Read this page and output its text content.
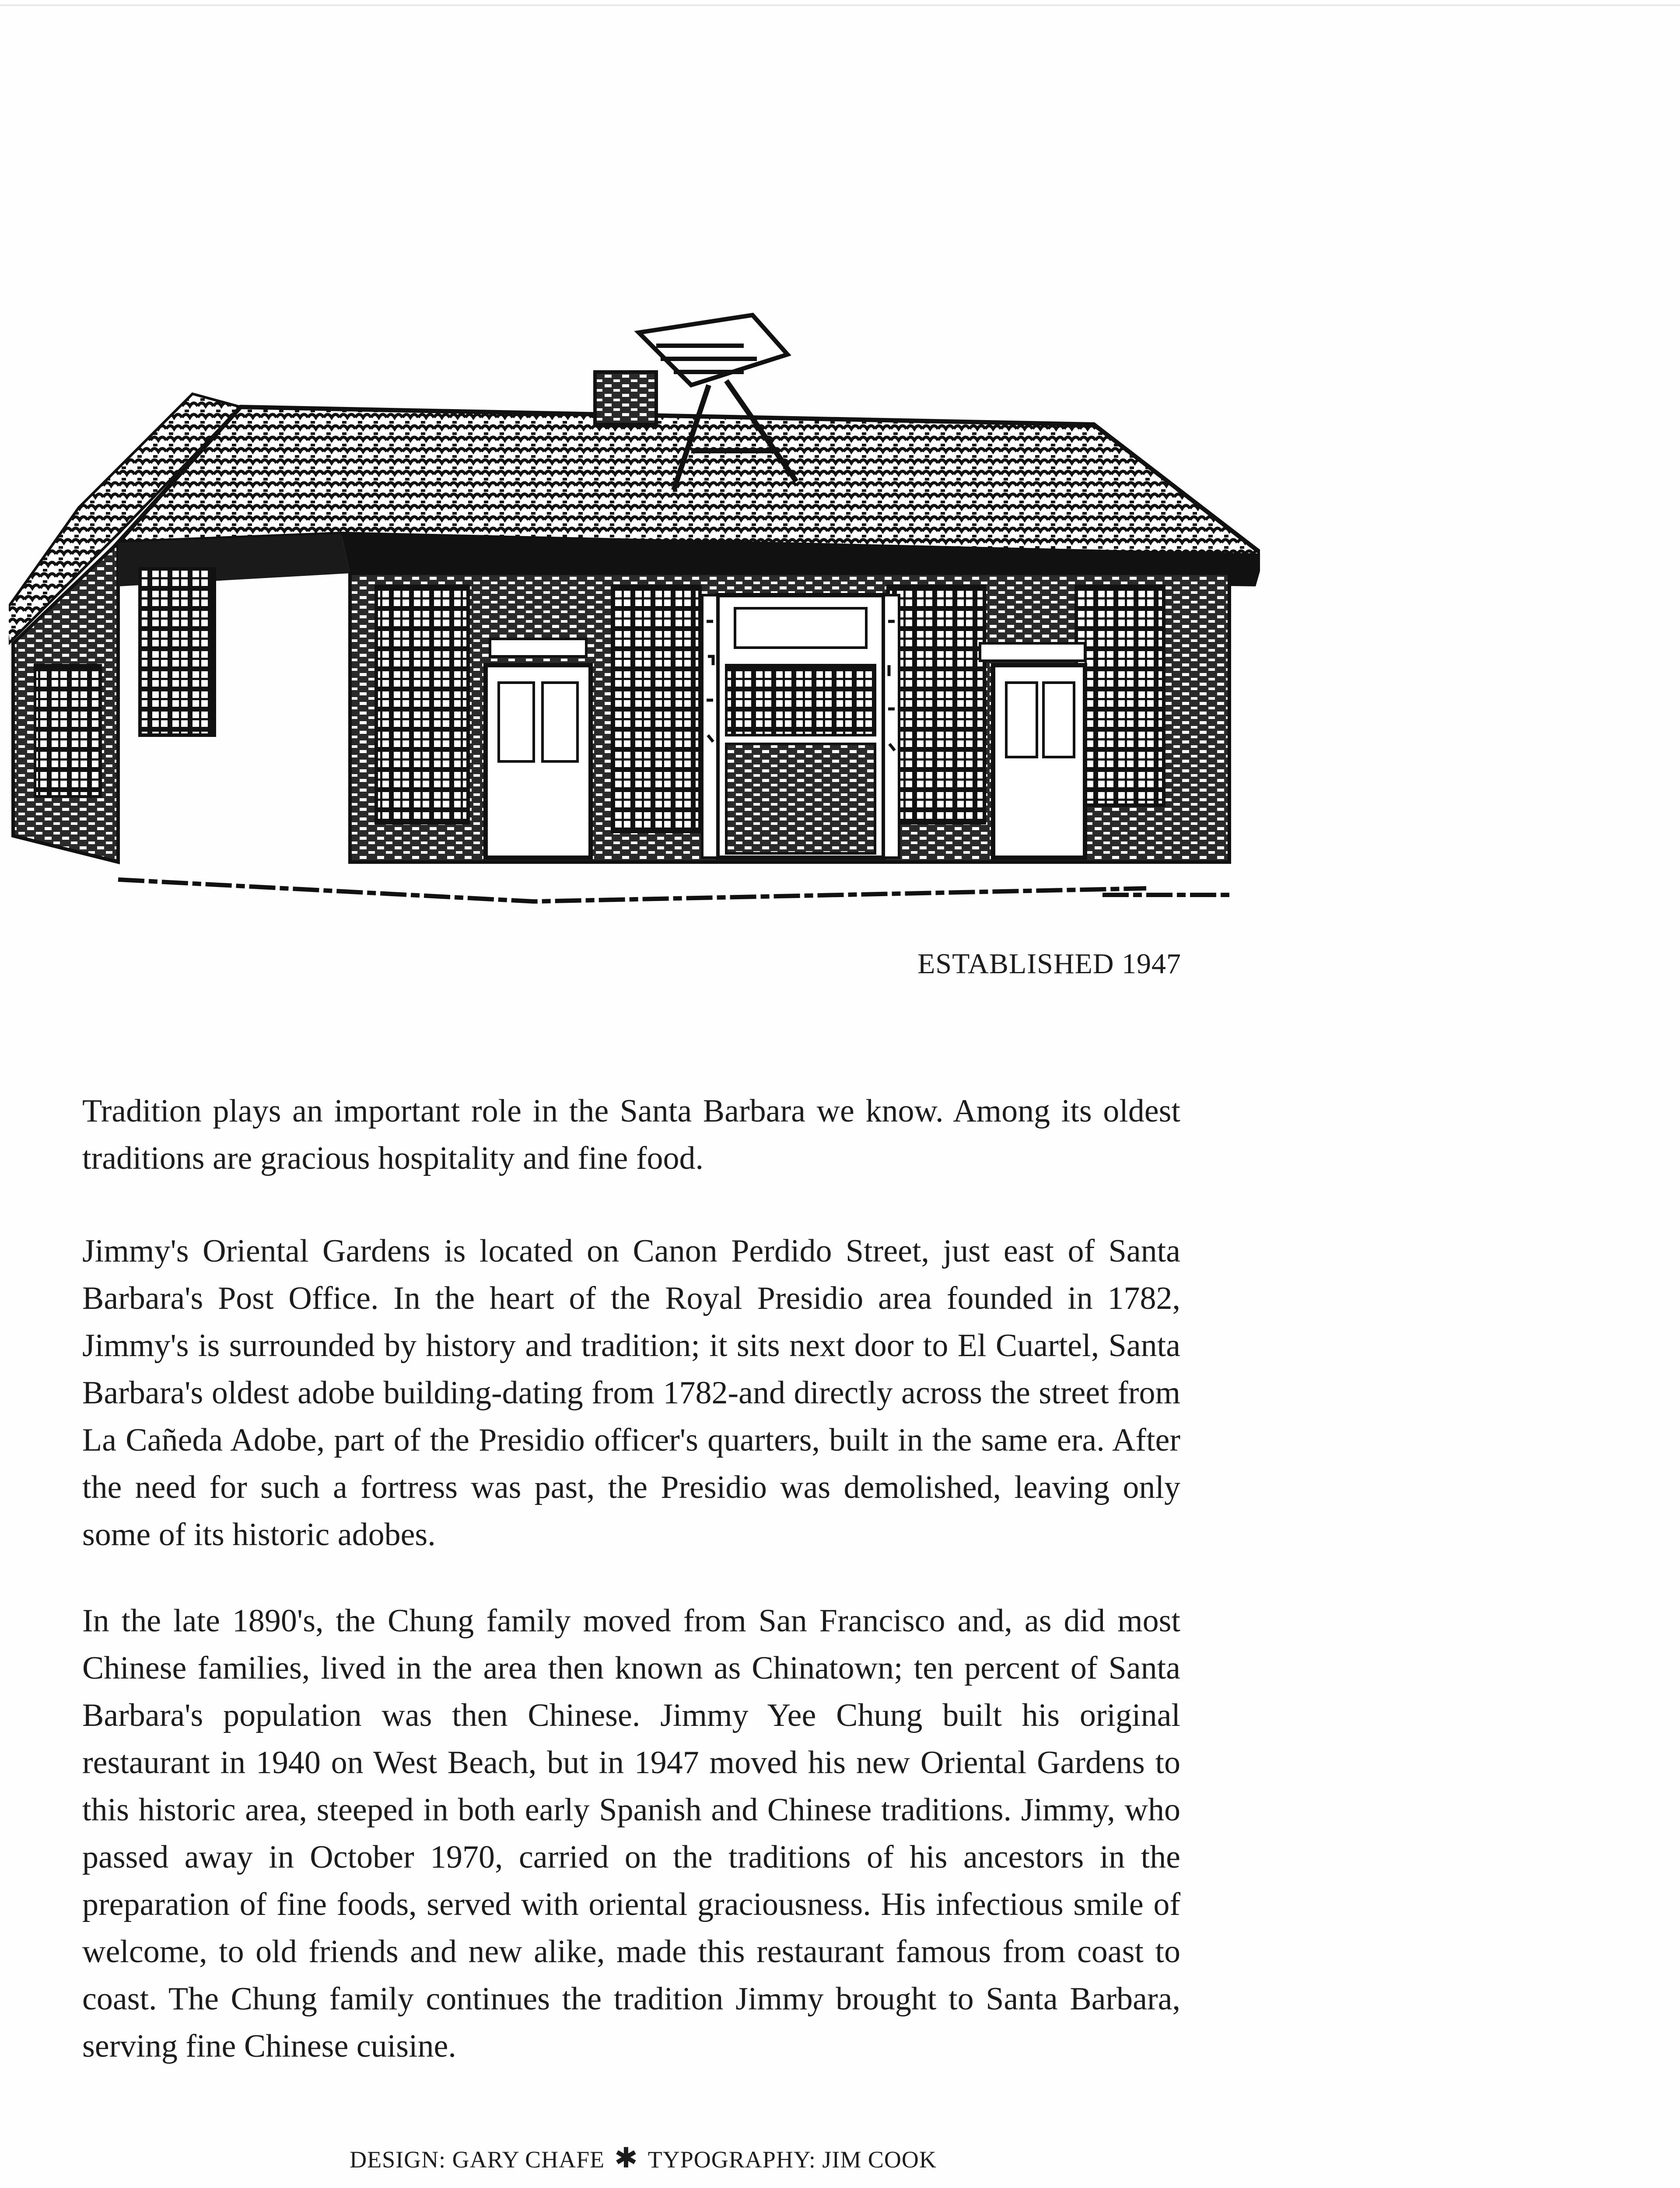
ESTABLISHED 1947

Tradition plays an important role in the Santa Barbara we know. Among its oldest traditions are gracious hospitality and fine food.

Jimmy's Oriental Gardens is located on Canon Perdido Street, just east of Santa Barbara's Post Office. In the heart of the Royal Presidio area founded in 1782, Jimmy's is surrounded by history and tradition; it sits next door to El Cuartel, Santa Barbara's oldest adobe building-dating from 1782-and directly across the street from La Cañeda Adobe, part of the Presidio officer's quarters, built in the same era. After the need for such a fortress was past, the Presidio was demolished, leaving only some of its historic adobes.

In the late 1890's, the Chung family moved from San Francisco and, as did most Chinese families, lived in the area then known as Chinatown; ten percent of Santa Barbara's population was then Chinese. Jimmy Yee Chung built his original restaurant in 1940 on West Beach, but in 1947 moved his new Oriental Gardens to this historic area, steeped in both early Spanish and Chinese traditions. Jimmy, who passed away in October 1970, carried on the traditions of his ancestors in the preparation of fine foods, served with oriental graciousness. His infectious smile of welcome, to old friends and new alike, made this restaurant famous from coast to coast. The Chung family continues the tradition Jimmy brought to Santa Barbara, serving fine Chinese cuisine.

DESIGN: GARY CHAFE ✱ TYPOGRAPHY: JIM COOK
